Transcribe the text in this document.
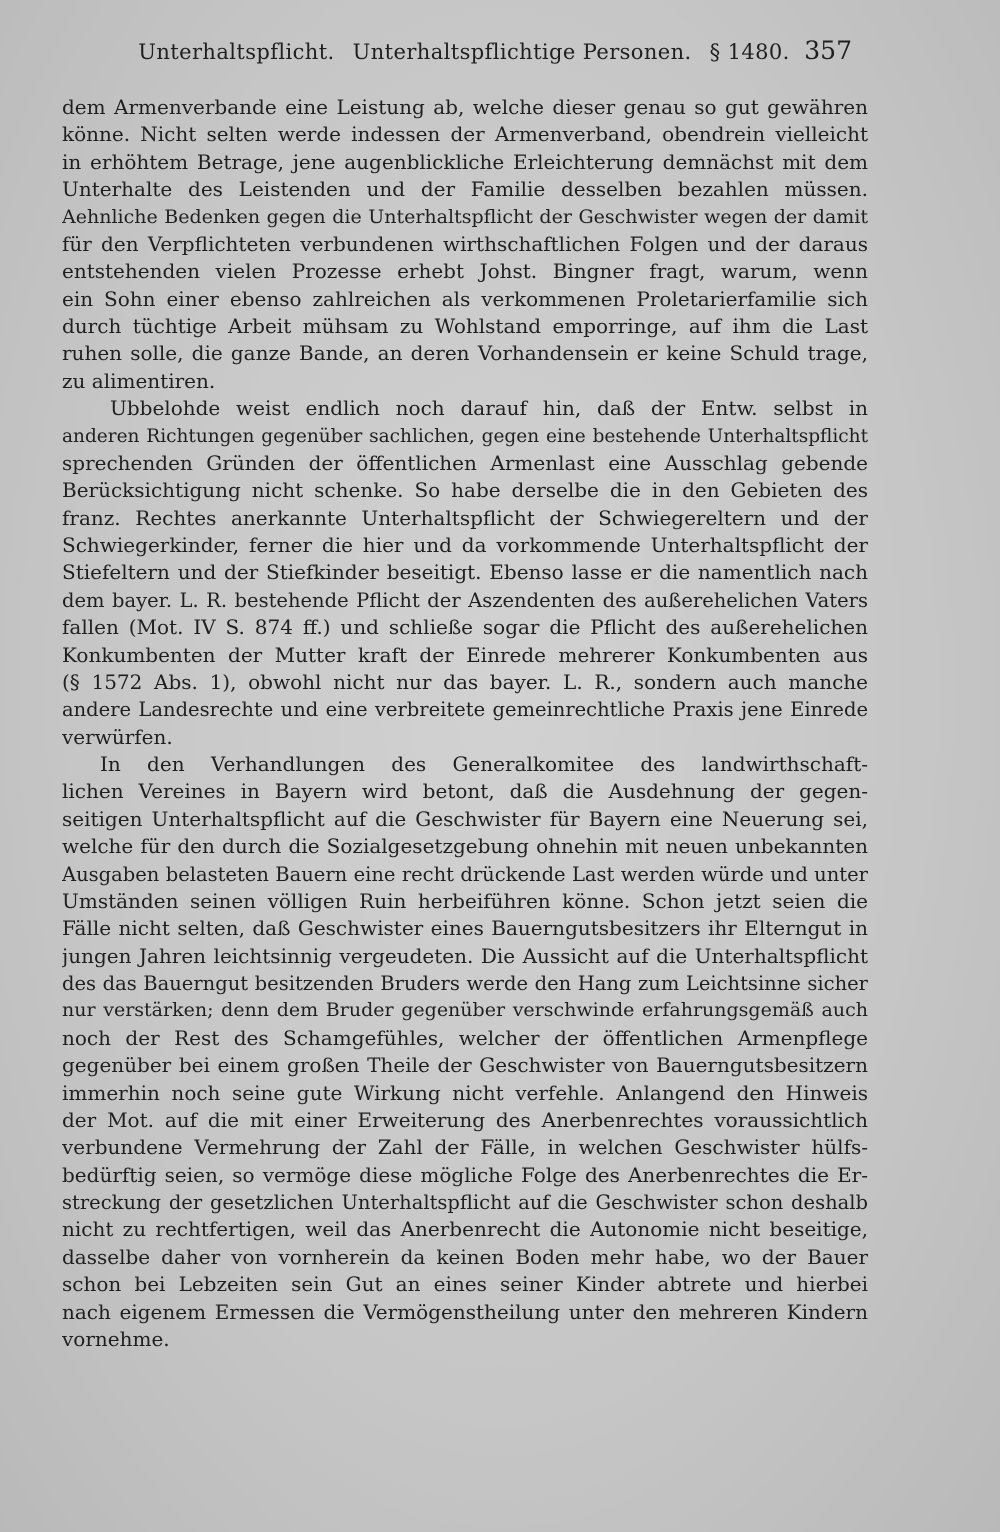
Unterhaltspflicht. Unterhaltspflichtige Personen. § 1480. 357
dem Armenverbande eine Leistung ab, welche dieser genau so gut gewähren
könne. Nicht selten werde indessen der Armenverband, obendrein vielleicht
in erhöhtem Betrage, jene augenblickliche Erleichterung demnächst mit dem
Unterhalte des Leistenden und der Familie desselben bezahlen müssen.
Aehnliche Bedenken gegen die Unterhaltspflicht der Geschwister wegen der damit
für den Verpflichteten verbundenen wirthschaftlichen Folgen und der daraus
entstehenden vielen Prozesse erhebt Johst. Bingner fragt, warum, wenn
ein Sohn einer ebenso zahlreichen als verkommenen Proletarierfamilie sich
durch tüchtige Arbeit mühsam zu Wohlstand emporringe, auf ihm die Last
ruhen solle, die ganze Bande, an deren Vorhandensein er keine Schuld trage,
zu alimentiren.
Ubbelohde weist endlich noch darauf hin, daß der Entw. selbst in
anderen Richtungen gegenüber sachlichen, gegen eine bestehende Unterhaltspflicht
sprechenden Gründen der öffentlichen Armenlast eine Ausschlag gebende
Berücksichtigung nicht schenke. So habe derselbe die in den Gebieten des
franz. Rechtes anerkannte Unterhaltspflicht der Schwiegereltern und der
Schwiegerkinder, ferner die hier und da vorkommende Unterhaltspflicht der
Stiefeltern und der Stiefkinder beseitigt. Ebenso lasse er die namentlich nach
dem bayer. L. R. bestehende Pflicht der Aszendenten des außerehelichen Vaters
fallen (Mot. IV S. 874 ff.) und schließe sogar die Pflicht des außerehelichen
Konkumbenten der Mutter kraft der Einrede mehrerer Konkumbenten aus
(§ 1572 Abs. 1), obwohl nicht nur das bayer. L. R., sondern auch manche
andere Landesrechte und eine verbreitete gemeinrechtliche Praxis jene Einrede
verwürfen.
In den Verhandlungen des Generalkomitee des landwirthschaft-
lichen Vereines in Bayern wird betont, daß die Ausdehnung der gegen-
seitigen Unterhaltspflicht auf die Geschwister für Bayern eine Neuerung sei,
welche für den durch die Sozialgesetzgebung ohnehin mit neuen unbekannten
Ausgaben belasteten Bauern eine recht drückende Last werden würde und unter
Umständen seinen völligen Ruin herbeiführen könne. Schon jetzt seien die
Fälle nicht selten, daß Geschwister eines Bauerngutsbesitzers ihr Elterngut in
jungen Jahren leichtsinnig vergeudeten. Die Aussicht auf die Unterhaltspflicht
des das Bauerngut besitzenden Bruders werde den Hang zum Leichtsinne sicher
nur verstärken; denn dem Bruder gegenüber verschwinde erfahrungsgemäß auch
noch der Rest des Schamgefühles, welcher der öffentlichen Armenpflege
gegenüber bei einem großen Theile der Geschwister von Bauerngutsbesitzern
immerhin noch seine gute Wirkung nicht verfehle. Anlangend den Hinweis
der Mot. auf die mit einer Erweiterung des Anerbenrechtes voraussichtlich
verbundene Vermehrung der Zahl der Fälle, in welchen Geschwister hülfs-
bedürftig seien, so vermöge diese mögliche Folge des Anerbenrechtes die Er-
streckung der gesetzlichen Unterhaltspflicht auf die Geschwister schon deshalb
nicht zu rechtfertigen, weil das Anerbenrecht die Autonomie nicht beseitige,
dasselbe daher von vornherein da keinen Boden mehr habe, wo der Bauer
schon bei Lebzeiten sein Gut an eines seiner Kinder abtrete und hierbei
nach eigenem Ermessen die Vermögenstheilung unter den mehreren Kindern
vornehme.
